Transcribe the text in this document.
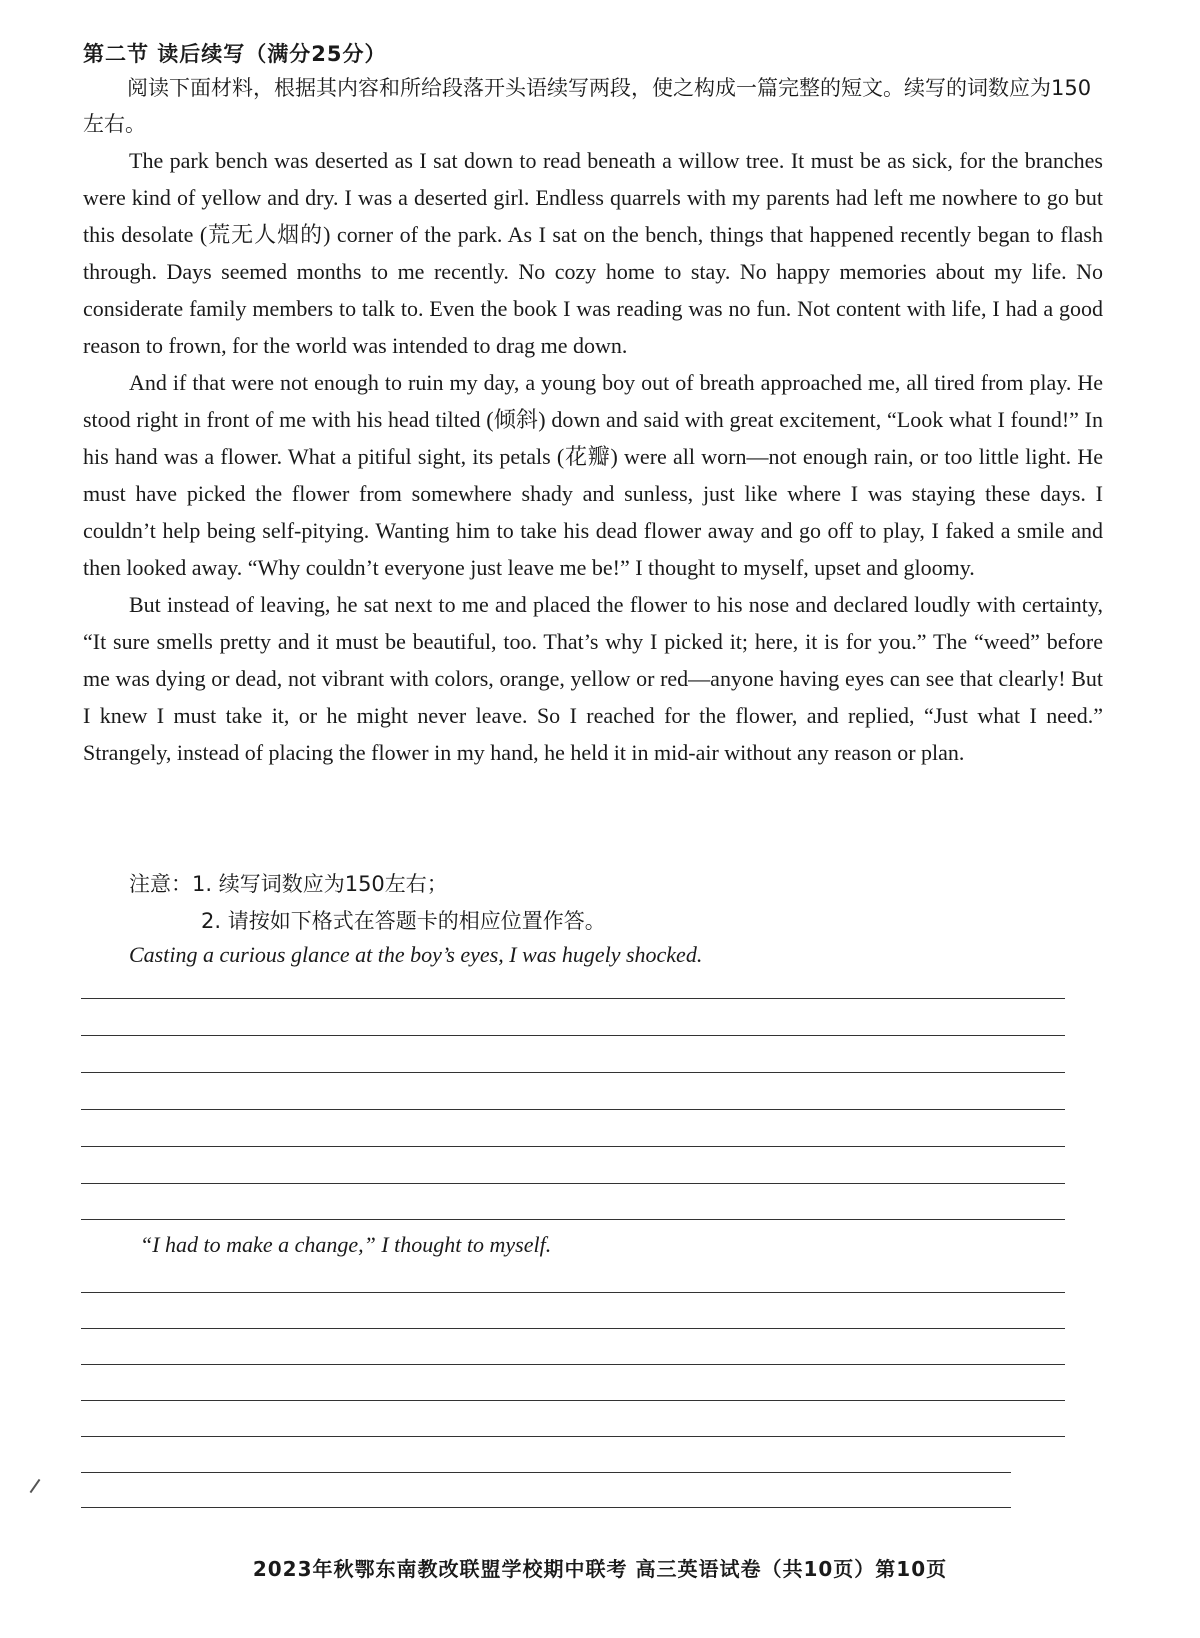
第二节 读后续写（满分25分）
阅读下面材料，根据其内容和所给段落开头语续写两段，使之构成一篇完整的短文。续写的词数应为150左右。

The park bench was deserted as I sat down to read beneath a willow tree. It must be as sick, for the branches were kind of yellow and dry. I was a deserted girl. Endless quarrels with my parents had left me nowhere to go but this desolate (荒无人烟的) corner of the park. As I sat on the bench, things that happened recently began to flash through. Days seemed months to me recently. No cozy home to stay. No happy memories about my life. No considerate family members to talk to. Even the book I was reading was no fun. Not content with life, I had a good reason to frown, for the world was intended to drag me down.

And if that were not enough to ruin my day, a young boy out of breath approached me, all tired from play. He stood right in front of me with his head tilted (倾斜) down and said with great excitement, “Look what I found!” In his hand was a flower. What a pitiful sight, its petals (花瓣) were all worn—not enough rain, or too little light. He must have picked the flower from somewhere shady and sunless, just like where I was staying these days. I couldn’t help being self-pitying. Wanting him to take his dead flower away and go off to play, I faked a smile and then looked away. “Why couldn’t everyone just leave me be!” I thought to myself, upset and gloomy.

But instead of leaving, he sat next to me and placed the flower to his nose and declared loudly with certainty, “It sure smells pretty and it must be beautiful, too. That’s why I picked it; here, it is for you.” The “weed” before me was dying or dead, not vibrant with colors, orange, yellow or red—anyone having eyes can see that clearly! But I knew I must take it, or he might never leave. So I reached for the flower, and replied, “Just what I need.” Strangely, instead of placing the flower in my hand, he held it in mid-air without any reason or plan.

注意：1. 续写词数应为150左右；
2. 请按如下格式在答题卡的相应位置作答。
Casting a curious glance at the boy’s eyes, I was hugely shocked.
“I had to make a change,” I thought to myself.
2023年秋鄂东南教改联盟学校期中联考 高三英语试卷（共10页）第10页
